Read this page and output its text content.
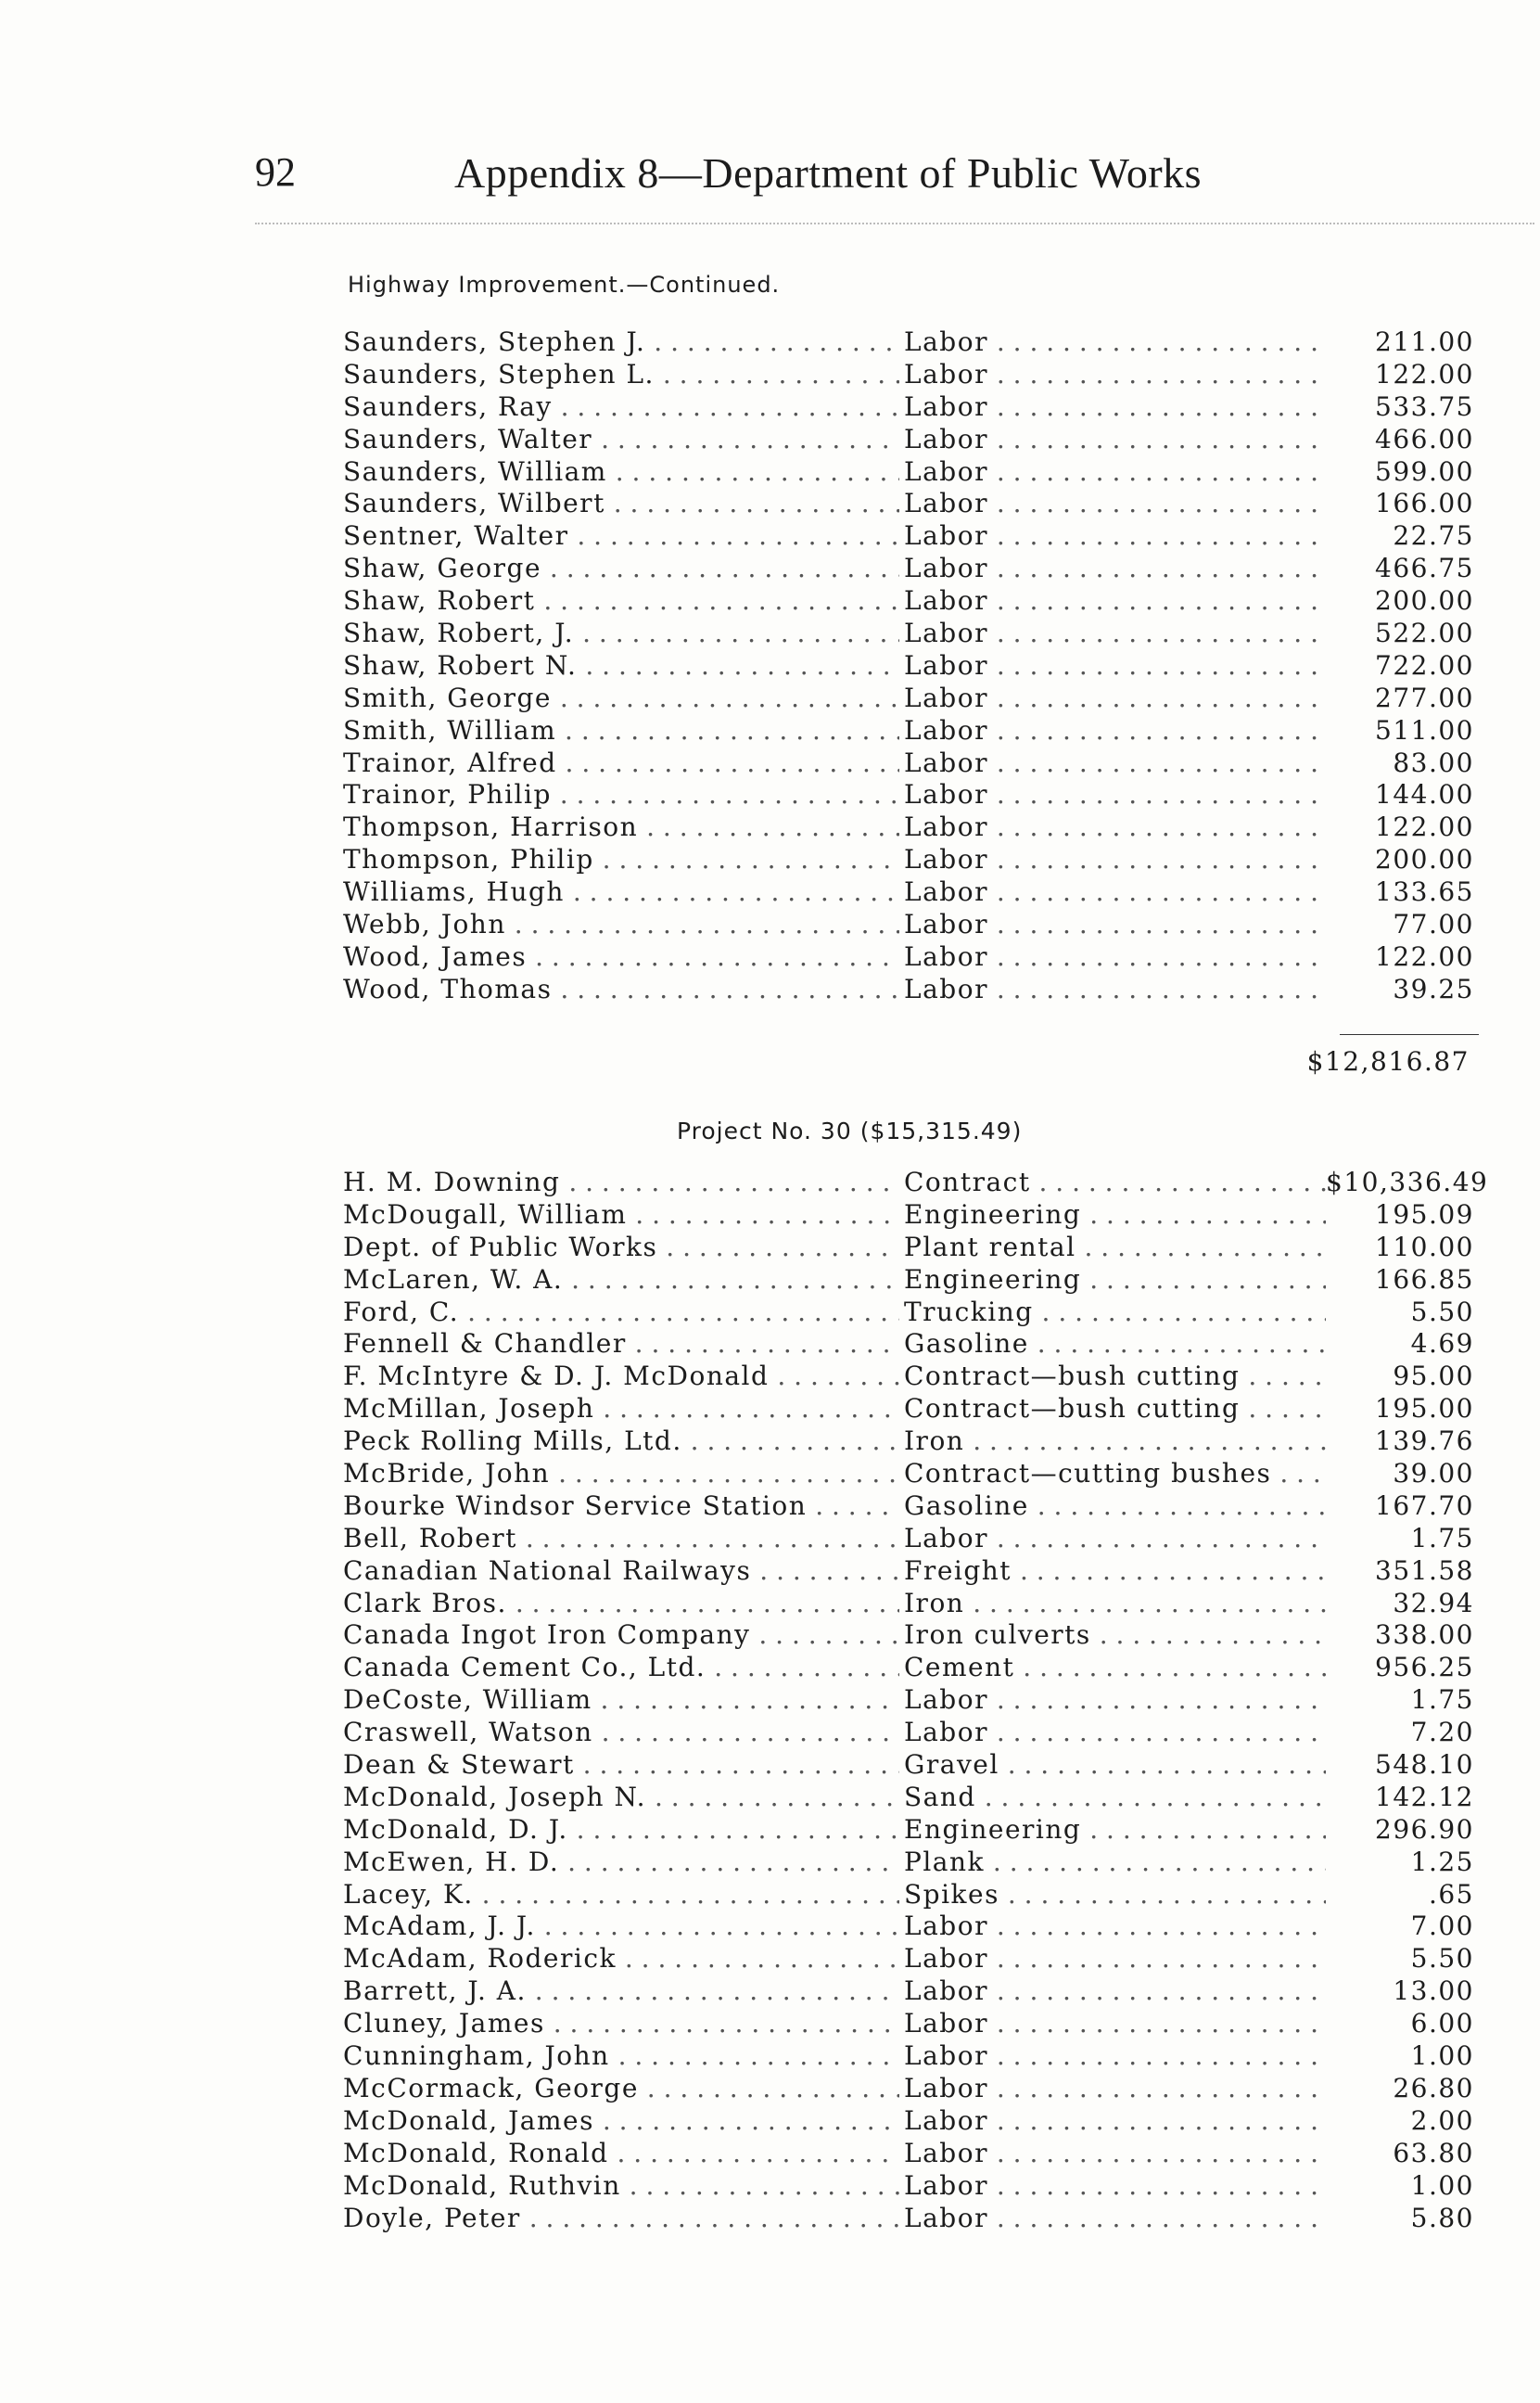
92	Appendix 8—Department of Public Works
Highway Improvement.—Continued.
Saunders, Stephen J. . . .	Labor . . .	211.00
Saunders, Stephen L. . . .	Labor . . .	122.00
Saunders, Ray . . .	Labor . . .	533.75
Saunders, Walter . . .	Labor . . .	466.00
Saunders, William . . .	Labor . . .	599.00
Saunders, Wilbert . . .	Labor . . .	166.00
Sentner, Walter . . .	Labor . . .	22.75
Shaw, George . . .	Labor . . .	466.75
Shaw, Robert . . .	Labor . . .	200.00
Shaw, Robert, J. . . .	Labor . . .	522.00
Shaw, Robert N. . . .	Labor . . .	722.00
Smith, George . . .	Labor . . .	277.00
Smith, William . . .	Labor . . .	511.00
Trainor, Alfred . . .	Labor . . .	83.00
Trainor, Philip . . .	Labor . . .	144.00
Thompson, Harrison . . .	Labor . . .	122.00
Thompson, Philip . . .	Labor . . .	200.00
Williams, Hugh . . .	Labor . . .	133.65
Webb, John . . .	Labor . . .	77.00
Wood, James . . .	Labor . . .	122.00
Wood, Thomas . . .	Labor . . .	39.25
$12,816.87
Project No. 30 ($15,315.49)
H. M. Downing . . .	Contract . . .	$10,336.49
McDougall, William . . .	Engineering . . .	195.09
Dept. of Public Works . . .	Plant rental . . .	110.00
McLaren, W. A. . . .	Engineering . . .	166.85
Ford, C. . . .	Trucking . . .	5.50
Fennell & Chandler . . .	Gasoline . . .	4.69
F. McIntyre & D. J. McDonald . . .	Contract—bush cutting . . .	95.00
McMillan, Joseph . . .	Contract—bush cutting . . .	195.00
Peck Rolling Mills, Ltd. . . .	Iron . . .	139.76
McBride, John . . .	Contract—cutting bushes . . .	39.00
Bourke Windsor Service Station . . .	Gasoline . . .	167.70
Bell, Robert . . .	Labor . . .	1.75
Canadian National Railways . . .	Freight . . .	351.58
Clark Bros. . . .	Iron . . .	32.94
Canada Ingot Iron Company . . .	Iron culverts . . .	338.00
Canada Cement Co., Ltd. . . .	Cement . . .	956.25
DeCoste, William . . .	Labor . . .	1.75
Craswell, Watson . . .	Labor . . .	7.20
Dean & Stewart . . .	Gravel . . .	548.10
McDonald, Joseph N. . . .	Sand . . .	142.12
McDonald, D. J. . . .	Engineering . . .	296.90
McEwen, H. D. . . .	Plank . . .	1.25
Lacey, K. . . .	Spikes . . .	.65
McAdam, J. J. . . .	Labor . . .	7.00
McAdam, Roderick . . .	Labor . . .	5.50
Barrett, J. A. . . .	Labor . . .	13.00
Cluney, James . . .	Labor . . .	6.00
Cunningham, John . . .	Labor . . .	1.00
McCormack, George . . .	Labor . . .	26.80
McDonald, James . . .	Labor . . .	2.00
McDonald, Ronald . . .	Labor . . .	63.80
McDonald, Ruthvin . . .	Labor . . .	1.00
Doyle, Peter . . .	Labor . . .	5.80
